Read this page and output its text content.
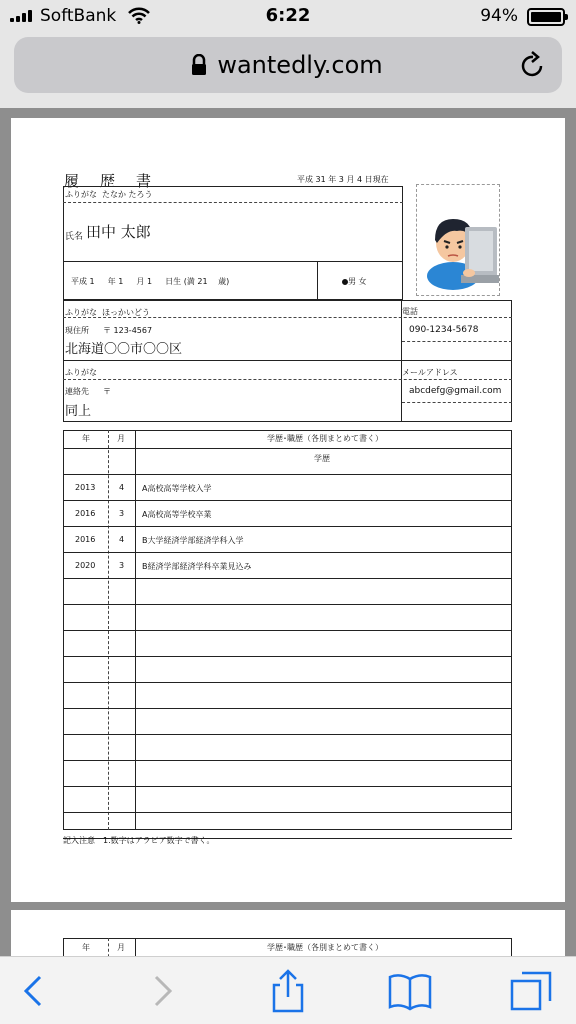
SoftBank	6:22	94%
wantedly.com
履　歴　書	平成 31 年 3 月 4 日現在
ふりがな たなか たろう
氏名 田中 太郎
平成 1 　 年 1 　 月 1 　 日生 (満 21 　歳)	男 女
ふりがな ほっかいどう
現住所 〒 123-4567
北海道〇〇市〇〇区
電話
090-1234-5678
ふりがな
連絡先 〒
同上
メールアドレス
abcdefg@gmail.com
年	月	学歴･職歴（各別まとめて書く）
学歴
2013	4 A高校高等学校入学
2016	3 A高校高等学校卒業
2016	4 B大学経済学部経済学科入学
2020	3 B経済学部経済学科卒業見込み
記入注意　1.数字はアラビア数字で書く。
年	月	学歴･職歴（各別まとめて書く）
